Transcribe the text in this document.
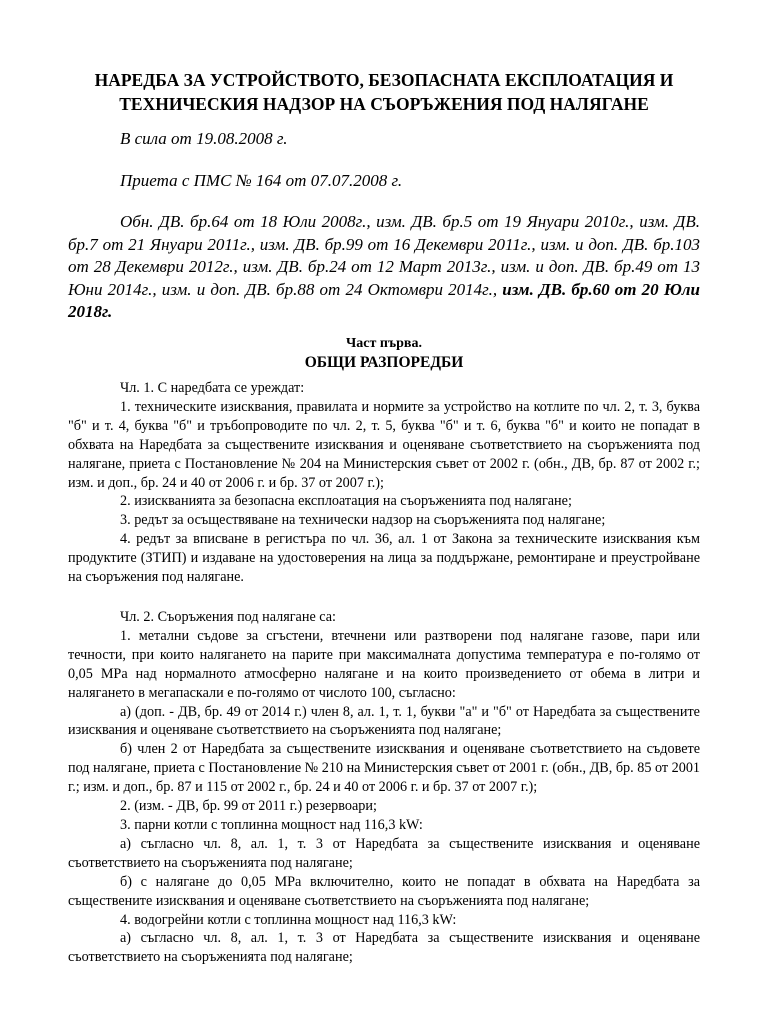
НАРЕДБА ЗА УСТРОЙСТВОТО, БЕЗОПАСНАТА ЕКСПЛОАТАЦИЯ И
ТЕХНИЧЕСКИЯ НАДЗОР НА СЪОРЪЖЕНИЯ ПОД НАЛЯГАНЕ
В сила от 19.08.2008 г.
Приета с ПМС № 164 от 07.07.2008 г.
Обн. ДВ. бр.64 от 18 Юли 2008г., изм. ДВ. бр.5 от 19 Януари 2010г., изм. ДВ. бр.7 от 21 Януари 2011г., изм. ДВ. бр.99 от 16 Декември 2011г., изм. и доп. ДВ. бр.103 от 28 Декември 2012г., изм. ДВ. бр.24 от 12 Март 2013г., изм. и доп. ДВ. бр.49 от 13 Юни 2014г., изм. и доп. ДВ. бр.88 от 24 Октомври 2014г., изм. ДВ. бр.60 от 20 Юли 2018г.
Част първа.
ОБЩИ РАЗПОРЕДБИ

Чл. 1. С наредбата се уреждат:

1. техническите изисквания, правилата и нормите за устройство на котлите по чл. 2, т. 3, буква "б" и т. 4, буква "б" и тръбопроводите по чл. 2, т. 5, буква "б" и т. 6, буква "б" и които не попадат в обхвата на Наредбата за съществените изисквания и оценяване съответствието на съоръженията под налягане, приета с Постановление № 204 на Министерския съвет от 2002 г. (обн., ДВ, бр. 87 от 2002 г.; изм. и доп., бр. 24 и 40 от 2006 г. и бр. 37 от 2007 г.);

2. изискванията за безопасна експлоатация на съоръженията под налягане;

3. редът за осъществяване на технически надзор на съоръженията под налягане;

4. редът за вписване в регистъра по чл. 36, ал. 1 от Закона за техническите изисквания към продуктите (ЗТИП) и издаване на удостоверения на лица за поддържане, ремонтиране и преустройване на съоръжения под налягане.

Чл. 2. Съоръжения под налягане са:

1. метални съдове за сгъстени, втечнени или разтворени под налягане газове, пари или течности, при които налягането на парите при максималната допустима температура е по-голямо от 0,05 MPa над нормалното атмосферно налягане и на които произведението от обема в литри и налягането в мегапаскали е по-голямо от числото 100, съгласно:

а) (доп. - ДВ, бр. 49 от 2014 г.) член 8, ал. 1, т. 1, букви "а" и "б" от Наредбата за съществените изисквания и оценяване съответствието на съоръженията под налягане;

б) член 2 от Наредбата за съществените изисквания и оценяване съответствието на съдовете под налягане, приета с Постановление № 210 на Министерския съвет от 2001 г. (обн., ДВ, бр. 85 от 2001 г.; изм. и доп., бр. 87 и 115 от 2002 г., бр. 24 и 40 от 2006 г. и бр. 37 от 2007 г.);

2. (изм. - ДВ, бр. 99 от 2011 г.) резервоари;

3. парни котли с топлинна мощност над 116,3 kW:

а) съгласно чл. 8, ал. 1, т. 3 от Наредбата за съществените изисквания и оценяване съответствието на съоръженията под налягане;

б) с налягане до 0,05 MPa включително, които не попадат в обхвата на Наредбата за съществените изисквания и оценяване съответствието на съоръженията под налягане;

4. водогрейни котли с топлинна мощност над 116,3 kW:

а) съгласно чл. 8, ал. 1, т. 3 от Наредбата за съществените изисквания и оценяване съответствието на съоръженията под налягане;
